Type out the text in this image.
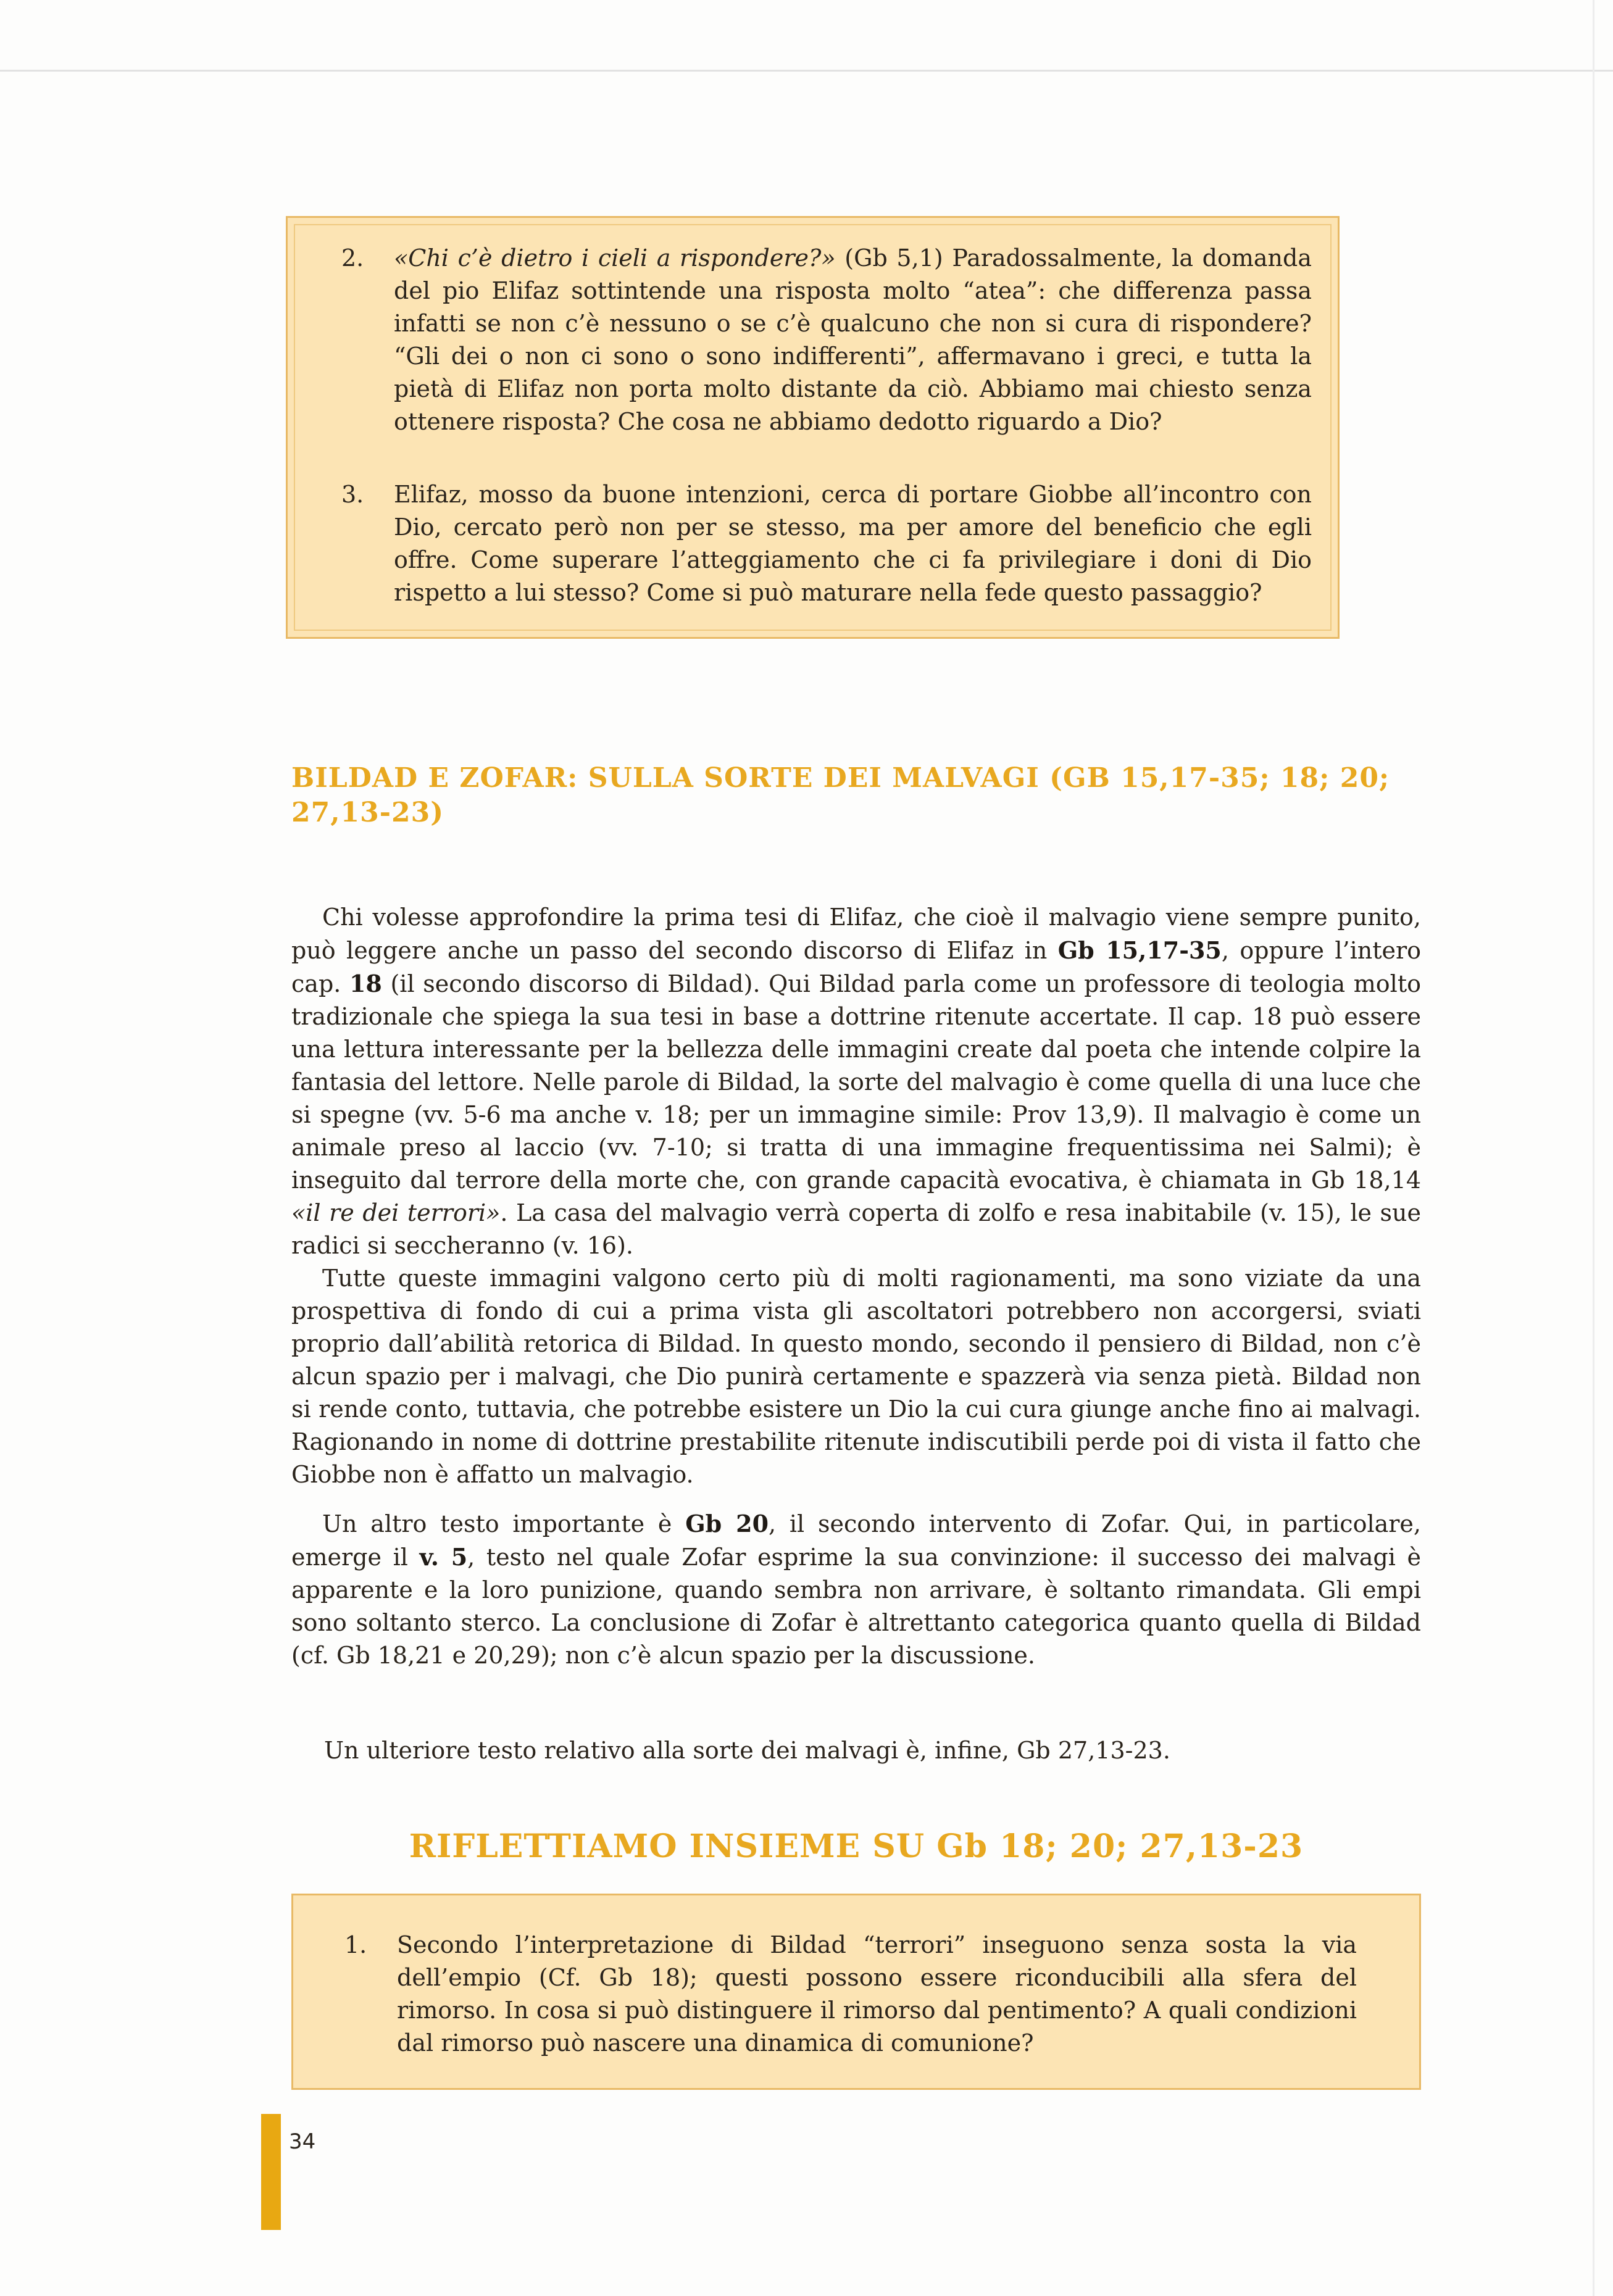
2.	«Chi c’è dietro i cieli a rispondere?» (Gb 5,1) Paradossalmente, la domanda del pio Elifaz sottintende una risposta molto “atea”: che differenza passa infatti se non c’è nessuno o se c’è qualcuno che non si cura di rispondere? “Gli dei o non ci sono o sono indifferenti”, affermavano i greci, e tutta la pietà di Elifaz non porta molto distante da ciò. Abbiamo mai chiesto senza ottenere risposta? Che cosa ne abbiamo dedotto riguardo a Dio?
3.	Elifaz, mosso da buone intenzioni, cerca di portare Giobbe all’incontro con Dio, cercato però non per se stesso, ma per amore del beneficio che egli offre. Come superare l’atteggiamento che ci fa privilegiare i doni di Dio rispetto a lui stesso? Come si può maturare nella fede questo passaggio?
BILDAD E ZOFAR: SULLA SORTE DEI MALVAGI (GB 15,17-35; 18; 20; 27,13-23)

Chi volesse approfondire la prima tesi di Elifaz, che cioè il malvagio viene sempre punito, può leggere anche un passo del secondo discorso di Elifaz in Gb 15,17-35, oppure l’intero cap. 18 (il secondo discorso di Bildad). Qui Bildad parla come un professore di teologia molto tradizionale che spiega la sua tesi in base a dottrine ritenute accertate. Il cap. 18 può essere una lettura interessante per la bellezza delle immagini create dal poeta che intende colpire la fantasia del lettore. Nelle parole di Bildad, la sorte del malvagio è come quella di una luce che si spegne (vv. 5-6 ma anche v. 18; per un immagine simile: Prov 13,9). Il malvagio è come un animale preso al laccio (vv. 7-10; si tratta di una immagine frequentissima nei Salmi); è inseguito dal terrore della morte che, con grande capacità evocativa, è chiamata in Gb 18,14 «il re dei terrori». La casa del malvagio verrà coperta di zolfo e resa inabitabile (v. 15), le sue radici si seccheranno (v. 16).

Tutte queste immagini valgono certo più di molti ragionamenti, ma sono viziate da una prospettiva di fondo di cui a prima vista gli ascoltatori potrebbero non accorgersi, sviati proprio dall’abilità retorica di Bildad. In questo mondo, secondo il pensiero di Bildad, non c’è alcun spazio per i malvagi, che Dio punirà certamente e spazzerà via senza pietà. Bildad non si rende conto, tuttavia, che potrebbe esistere un Dio la cui cura giunge anche fino ai malvagi. Ragionando in nome di dottrine prestabilite ritenute indiscutibili perde poi di vista il fatto che Giobbe non è affatto un malvagio.

Un altro testo importante è Gb 20, il secondo intervento di Zofar. Qui, in particolare, emerge il v. 5, testo nel quale Zofar esprime la sua convinzione: il successo dei malvagi è apparente e la loro punizione, quando sembra non arrivare, è soltanto rimandata. Gli empi sono soltanto sterco. La conclusione di Zofar è altrettanto categorica quanto quella di Bildad (cf. Gb 18,21 e 20,29); non c’è alcun spazio per la discussione.

Un ulteriore testo relativo alla sorte dei malvagi è, infine, Gb 27,13-23.
RIFLETTIAMO INSIEME SU Gb 18; 20; 27,13-23
1.	Secondo l’interpretazione di Bildad “terrori” inseguono senza sosta la via dell’empio (Cf. Gb 18); questi possono essere riconducibili alla sfera del rimorso. In cosa si può distinguere il rimorso dal pentimento? A quali condizioni dal rimorso può nascere una dinamica di comunione?
34
